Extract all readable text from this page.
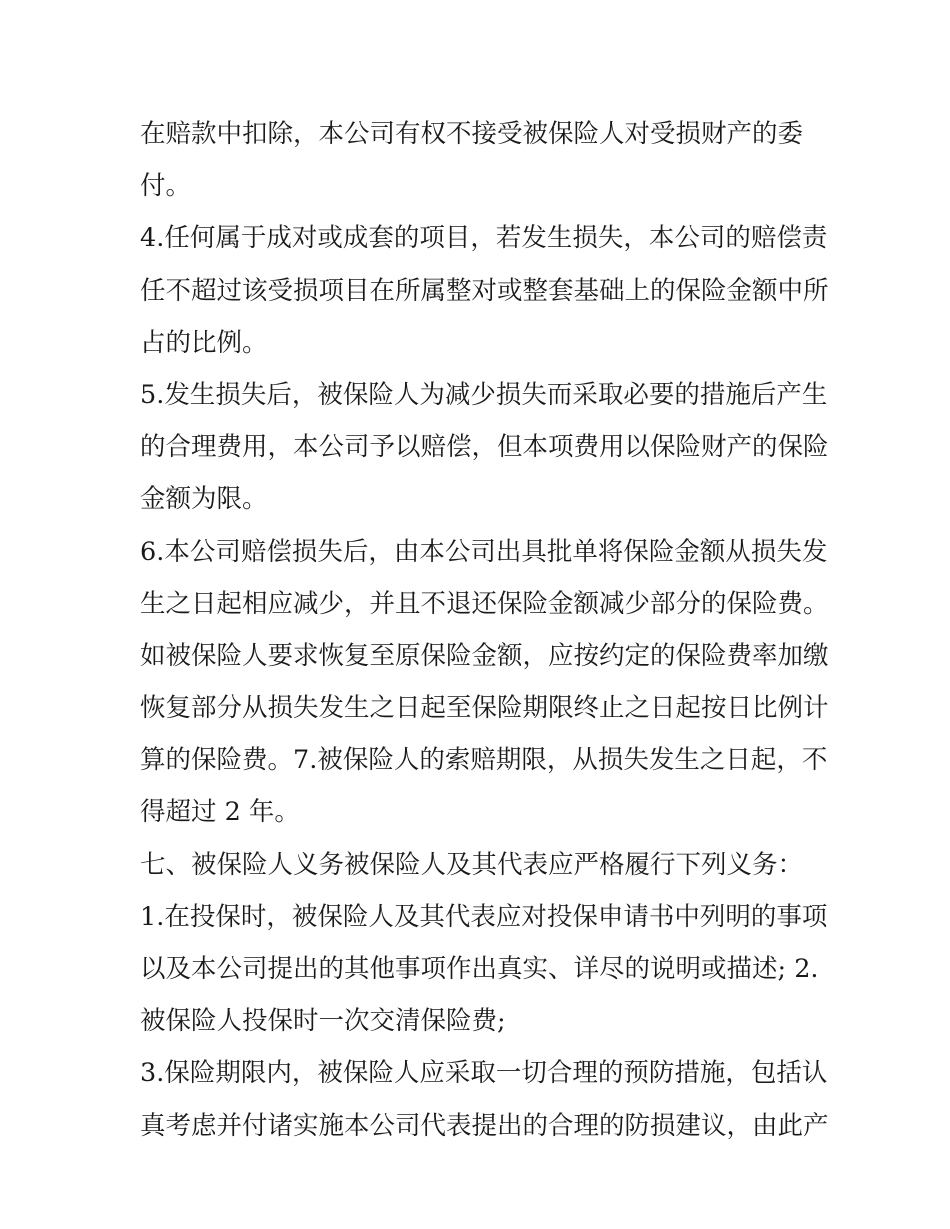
在赔款中扣除，本公司有权不接受被保险人对受损财产的委
付。
4.任何属于成对或成套的项目，若发生损失，本公司的赔偿责
任不超过该受损项目在所属整对或整套基础上的保险金额中所
占的比例。
5.发生损失后，被保险人为减少损失而采取必要的措施后产生
的合理费用，本公司予以赔偿，但本项费用以保险财产的保险
金额为限。
6.本公司赔偿损失后，由本公司出具批单将保险金额从损失发
生之日起相应减少，并且不退还保险金额减少部分的保险费。
如被保险人要求恢复至原保险金额，应按约定的保险费率加缴
恢复部分从损失发生之日起至保险期限终止之日起按日比例计
算的保险费。7.被保险人的索赔期限，从损失发生之日起，不
得超过 2 年。
七、被保险人义务被保险人及其代表应严格履行下列义务：
1.在投保时，被保险人及其代表应对投保申请书中列明的事项
以及本公司提出的其他事项作出真实、详尽的说明或描述; 2.
被保险人投保时一次交清保险费;
3.保险期限内，被保险人应采取一切合理的预防措施，包括认
真考虑并付诸实施本公司代表提出的合理的防损建议，由此产
